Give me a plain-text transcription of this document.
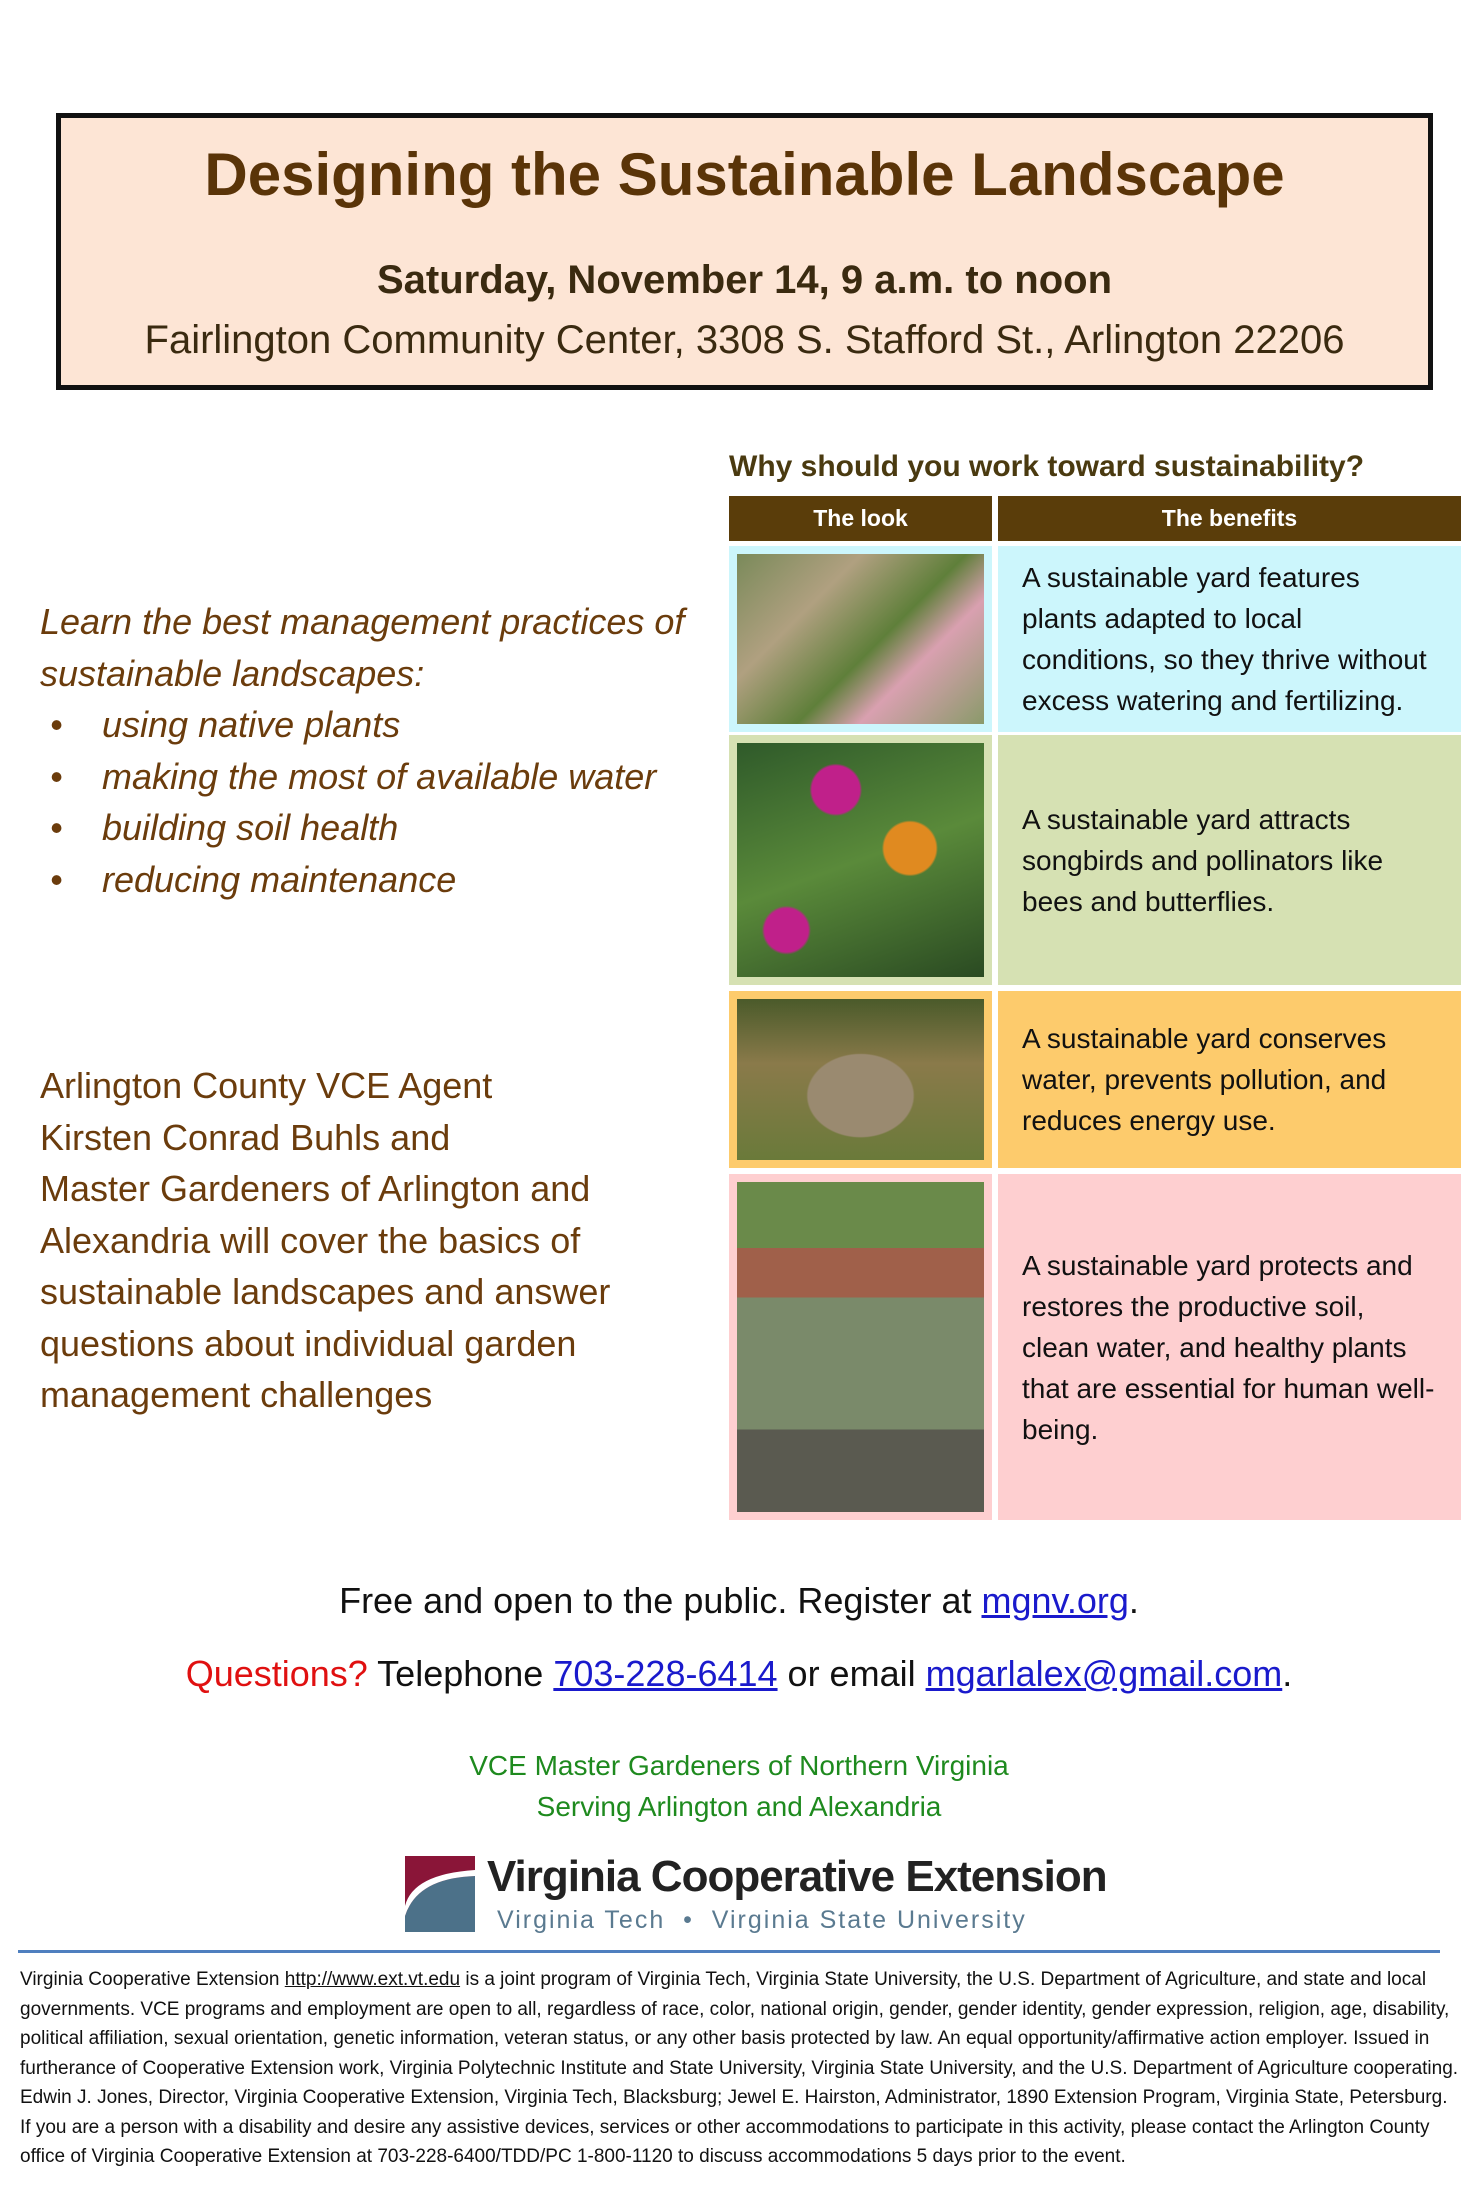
Designing the Sustainable Landscape
Saturday, November 14, 9 a.m. to noon
Fairlington Community Center, 3308 S. Stafford St., Arlington 22206
Learn the best management practices of
sustainable landscapes:
•	using native plants
•	making the most of available water
•	building soil health
•	reducing maintenance
Arlington County VCE Agent
Kirsten Conrad Buhls and
Master Gardeners of Arlington and
Alexandria will cover the basics of
sustainable landscapes and answer
questions about individual garden
management challenges
Why should you work toward sustainability?
The look	The benefits
A sustainable yard features plants adapted to local conditions, so they thrive without excess watering and fertilizing.
A sustainable yard attracts songbirds and pollinators like bees and butterflies.
A sustainable yard conserves water, prevents pollution, and reduces energy use.
A sustainable yard protects and restores the productive soil, clean water, and healthy plants that are essential for human well-being.
Free and open to the public. Register at mgnv.org.
Questions? Telephone 703-228-6414 or email mgarlalex@gmail.com.
VCE Master Gardeners of Northern Virginia
Serving Arlington and Alexandria
Virginia Cooperative Extension
Virginia Tech  •  Virginia State University
Virginia Cooperative Extension http://www.ext.vt.edu is a joint program of Virginia Tech, Virginia State University, the U.S. Department of Agriculture, and state and local governments. VCE programs and employment are open to all, regardless of race, color, national origin, gender, gender identity, gender expression, religion, age, disability, political affiliation, sexual orientation, genetic information, veteran status, or any other basis protected by law. An equal opportunity/affirmative action employer. Issued in furtherance of Cooperative Extension work, Virginia Polytechnic Institute and State University, Virginia State University, and the U.S. Department of Agriculture cooperating. Edwin J. Jones, Director, Virginia Cooperative Extension, Virginia Tech, Blacksburg; Jewel E. Hairston, Administrator, 1890 Extension Program, Virginia State, Petersburg.
If you are a person with a disability and desire any assistive devices, services or other accommodations to participate in this activity, please contact the Arlington County office of Virginia Cooperative Extension at 703-228-6400/TDD/PC 1-800-1120 to discuss accommodations 5 days prior to the event.
